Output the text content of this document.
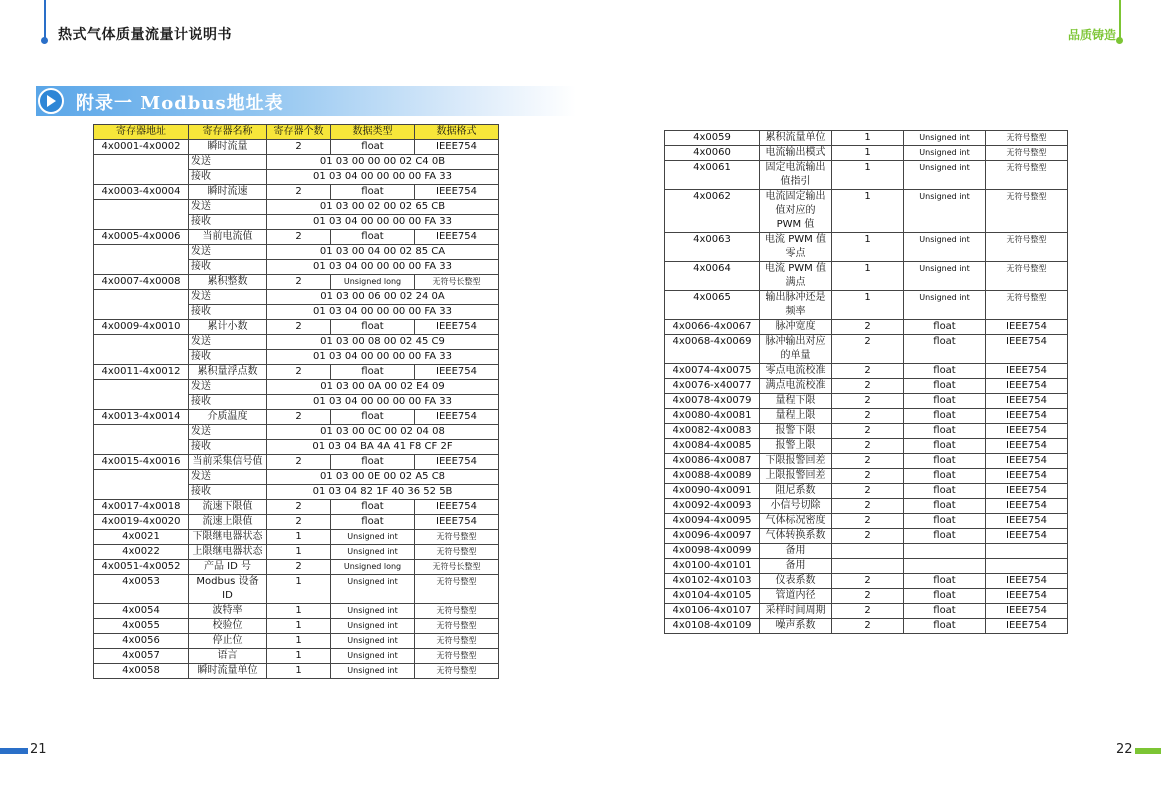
热式气体质量流量计说明书	品质铸造
附录一 Modbus地址表
寄存器地址	寄存器名称	寄存器个数	数据类型	数据格式
4x0001-4x0002	瞬时流量	2	float	IEEE754
	发送	01 03 00 00 00 02 C4 0B		
	接收	01 03 04 00 00 00 00 FA 33		
4x0003-4x0004	瞬时流速	2	float	IEEE754
	发送	01 03 00 02 00 02 65 CB		
	接收	01 03 04 00 00 00 00 FA 33		
4x0005-4x0006	当前电流值	2	float	IEEE754
	发送	01 03 00 04 00 02 85 CA		
	接收	01 03 04 00 00 00 00 FA 33		
4x0007-4x0008	累积整数	2	Unsigned long	无符号长整型
	发送	01 03 00 06 00 02 24 0A		
	接收	01 03 04 00 00 00 00 FA 33		
4x0009-4x0010	累计小数	2	float	IEEE754
	发送	01 03 00 08 00 02 45 C9		
	接收	01 03 04 00 00 00 00 FA 33		
4x0011-4x0012	累积量浮点数	2	float	IEEE754
	发送	01 03 00 0A 00 02 E4 09		
	接收	01 03 04 00 00 00 00 FA 33		
4x0013-4x0014	介质温度	2	float	IEEE754
	发送	01 03 00 0C 00 02 04 08		
	接收	01 03 04 BA 4A 41 F8 CF 2F		
4x0015-4x0016	当前采集信号值	2	float	IEEE754
	发送	01 03 00 0E 00 02 A5 C8		
	接收	01 03 04 82 1F 40 36 52 5B		
4x0017-4x0018	流速下限值	2	float	IEEE754
4x0019-4x0020	流速上限值	2	float	IEEE754
4x0021	下限继电器状态	1	Unsigned int	无符号整型
4x0022	上限继电器状态	1	Unsigned int	无符号整型
4x0051-4x0052	产品 ID 号	2	Unsigned long	无符号长整型
4x0053	Modbus 设备 ID	1	Unsigned int	无符号整型
4x0054	波特率	1	Unsigned int	无符号整型
4x0055	校验位	1	Unsigned int	无符号整型
4x0056	停止位	1	Unsigned int	无符号整型
4x0057	语言	1	Unsigned int	无符号整型
4x0058	瞬时流量单位	1	Unsigned int	无符号整型
4x0059	累积流量单位	1	Unsigned int	无符号整型
4x0060	电流输出模式	1	Unsigned int	无符号整型
4x0061	固定电流输出值指引	1	Unsigned int	无符号整型
4x0062	电流固定输出值对应的 PWM 值	1	Unsigned int	无符号整型
4x0063	电流 PWM 值零点	1	Unsigned int	无符号整型
4x0064	电流 PWM 值满点	1	Unsigned int	无符号整型
4x0065	输出脉冲还是频率	1	Unsigned int	无符号整型
4x0066-4x0067	脉冲宽度	2	float	IEEE754
4x0068-4x0069	脉冲输出对应的单量	2	float	IEEE754
4x0074-4x0075	零点电流校准	2	float	IEEE754
4x0076-x40077	满点电流校准	2	float	IEEE754
4x0078-4x0079	量程下限	2	float	IEEE754
4x0080-4x0081	量程上限	2	float	IEEE754
4x0082-4x0083	报警下限	2	float	IEEE754
4x0084-4x0085	报警上限	2	float	IEEE754
4x0086-4x0087	下限报警回差	2	float	IEEE754
4x0088-4x0089	上限报警回差	2	float	IEEE754
4x0090-4x0091	阻尼系数	2	float	IEEE754
4x0092-4x0093	小信号切除	2	float	IEEE754
4x0094-4x0095	气体标况密度	2	float	IEEE754
4x0096-4x0097	气体转换系数	2	float	IEEE754
4x0098-4x0099	备用			
4x0100-4x0101	备用			
4x0102-4x0103	仪表系数	2	float	IEEE754
4x0104-4x0105	管道内径	2	float	IEEE754
4x0106-4x0107	采样时间周期	2	float	IEEE754
4x0108-4x0109	噪声系数	2	float	IEEE754
21	22
